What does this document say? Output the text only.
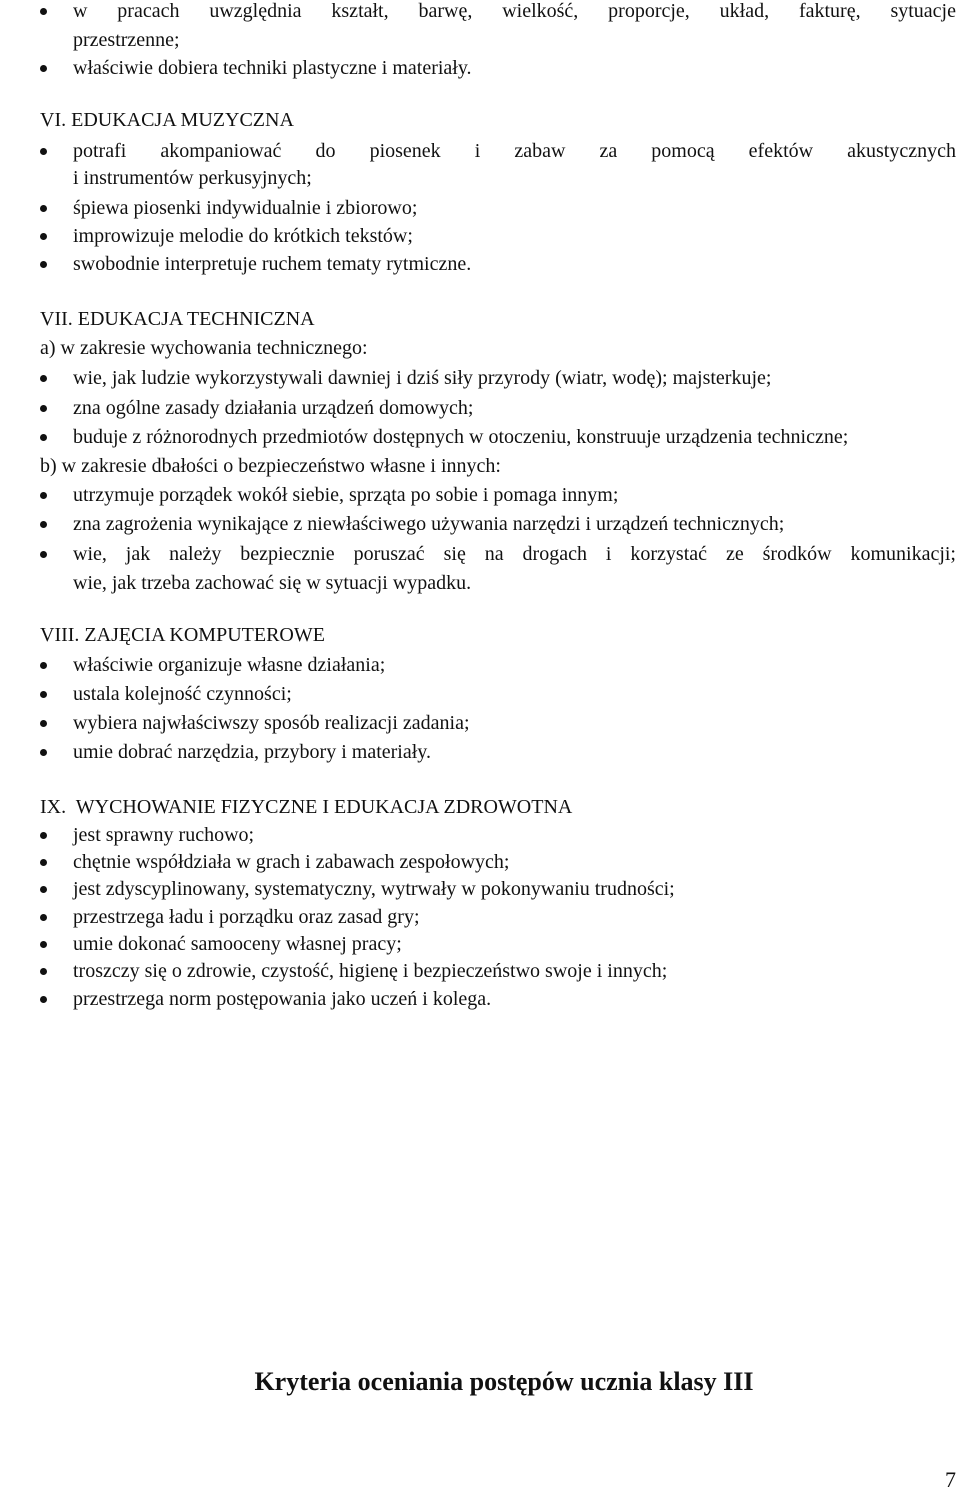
w pracach uwzględnia kształt, barwę, wielkość, proporcje, układ, fakturę, sytuacje
przestrzenne;
właściwie dobiera techniki plastyczne i materiały.
VI. EDUKACJA MUZYCZNA
potrafi akompaniować do piosenek i zabaw za pomocą efektów akustycznych
i instrumentów perkusyjnych;
śpiewa piosenki indywidualnie i zbiorowo;
improwizuje melodie do krótkich tekstów;
swobodnie interpretuje ruchem tematy rytmiczne.
VII. EDUKACJA TECHNICZNA
a) w zakresie wychowania technicznego:
wie, jak ludzie wykorzystywali dawniej i dziś siły przyrody (wiatr, wodę); majsterkuje;
zna ogólne zasady działania urządzeń domowych;
buduje z różnorodnych przedmiotów dostępnych w otoczeniu, konstruuje urządzenia techniczne;
b) w zakresie dbałości o bezpieczeństwo własne i innych:
utrzymuje porządek wokół siebie, sprząta po sobie i pomaga innym;
zna zagrożenia wynikające z niewłaściwego używania narzędzi i urządzeń technicznych;
wie, jak należy bezpiecznie poruszać się na drogach i korzystać ze środków komunikacji;
wie, jak trzeba zachować się w sytuacji wypadku.
VIII. ZAJĘCIA KOMPUTEROWE
właściwie organizuje własne działania;
ustala kolejność czynności;
wybiera najwłaściwszy sposób realizacji zadania;
umie dobrać narzędzia, przybory i materiały.
IX.  WYCHOWANIE FIZYCZNE I EDUKACJA ZDROWOTNA
jest sprawny ruchowo;
chętnie współdziała w grach i zabawach zespołowych;
jest zdyscyplinowany, systematyczny, wytrwały w pokonywaniu trudności;
przestrzega ładu i porządku oraz zasad gry;
umie dokonać samooceny własnej pracy;
troszczy się o zdrowie, czystość, higienę i bezpieczeństwo swoje i innych;
przestrzega norm postępowania jako uczeń i kolega.
Kryteria oceniania postępów ucznia klasy III
7
